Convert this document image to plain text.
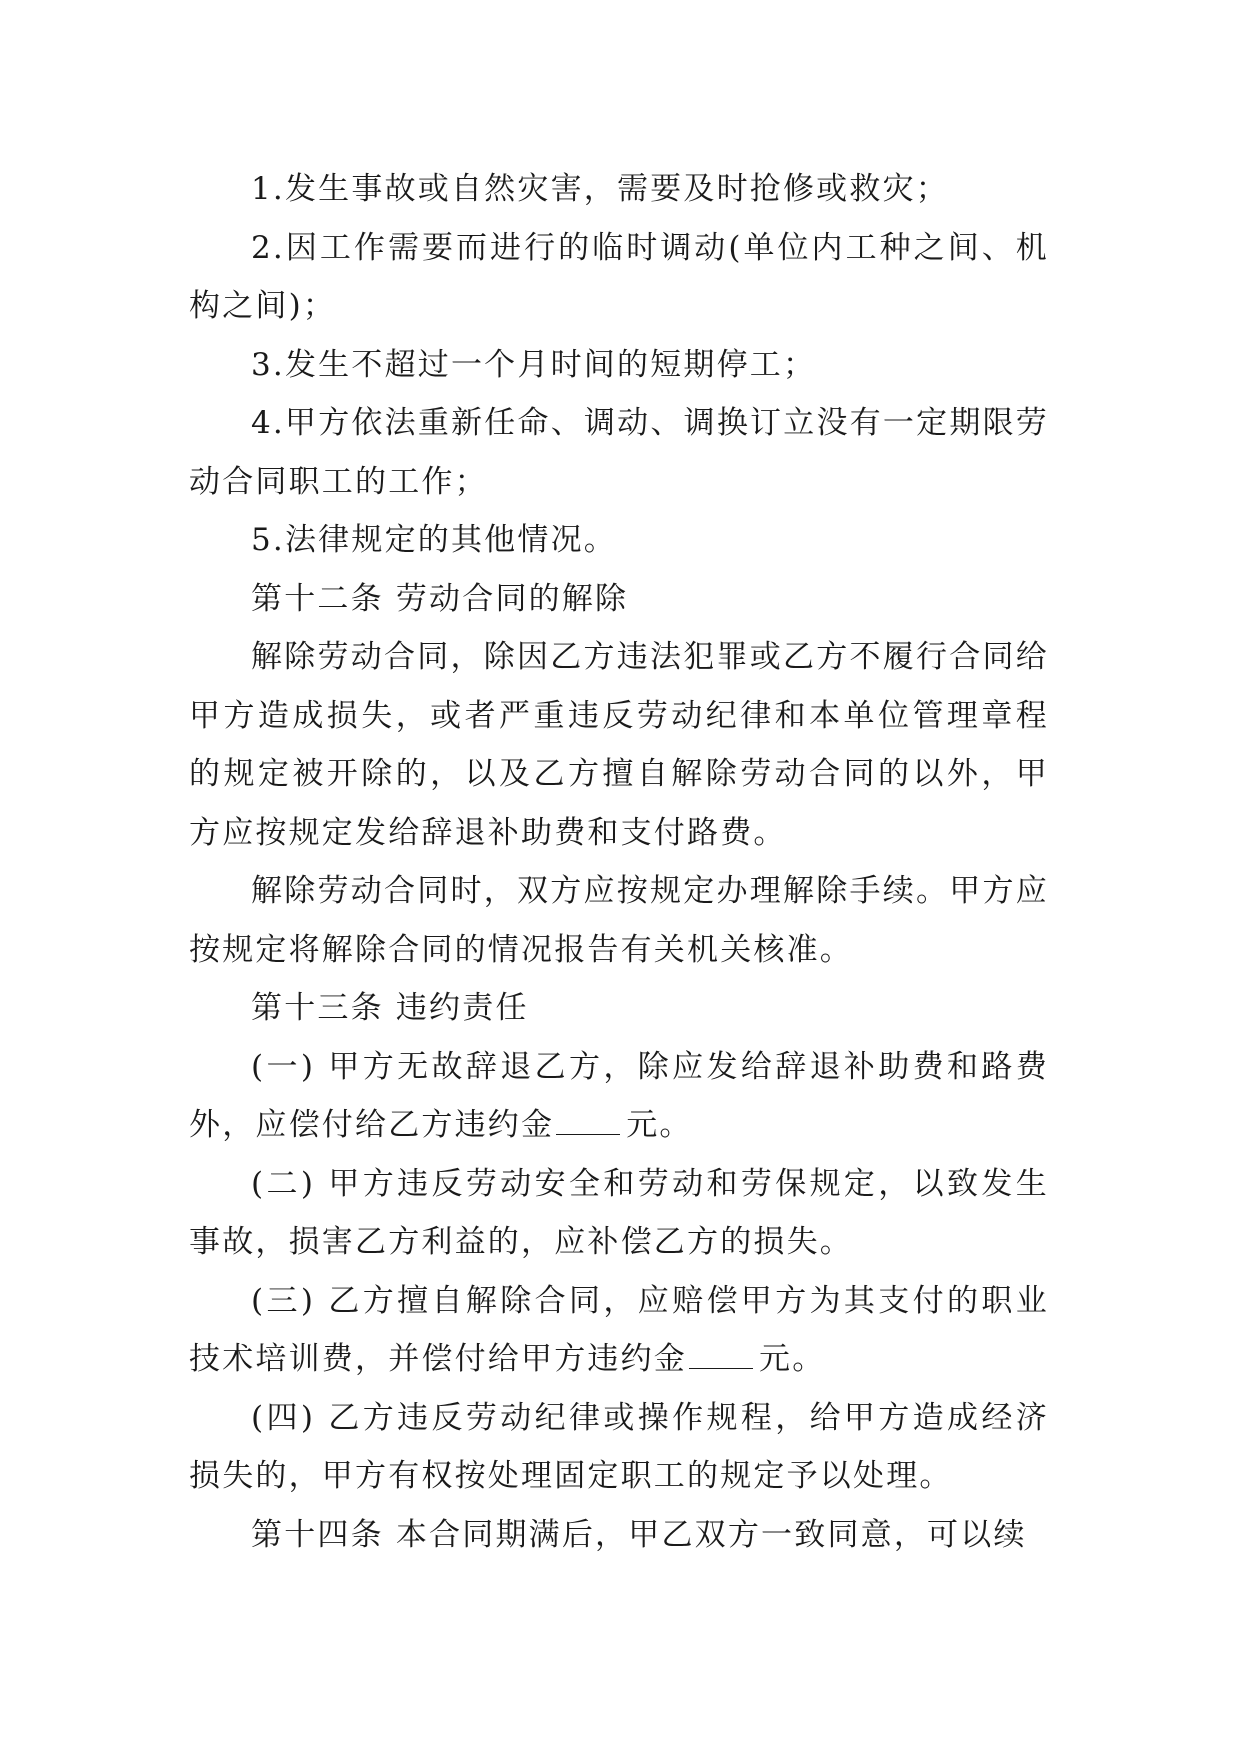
1.发生事故或自然灾害，需要及时抢修或救灾；

2.因工作需要而进行的临时调动(单位内工种之间、机构之间)；

3.发生不超过一个月时间的短期停工；

4.甲方依法重新任命、调动、调换订立没有一定期限劳动合同职工的工作；

5.法律规定的其他情况。

第十二条 劳动合同的解除

解除劳动合同，除因乙方违法犯罪或乙方不履行合同给甲方造成损失，或者严重违反劳动纪律和本单位管理章程的规定被开除的，以及乙方擅自解除劳动合同的以外，甲方应按规定发给辞退补助费和支付路费。

解除劳动合同时，双方应按规定办理解除手续。甲方应按规定将解除合同的情况报告有关机关核准。

第十三条 违约责任

(一) 甲方无故辞退乙方，除应发给辞退补助费和路费外，应偿付给乙方违约金 元。

(二) 甲方违反劳动安全和劳动和劳保规定，以致发生事故，损害乙方利益的，应补偿乙方的损失。

(三) 乙方擅自解除合同，应赔偿甲方为其支付的职业技术培训费，并偿付给甲方违约金 元。

(四) 乙方违反劳动纪律或操作规程，给甲方造成经济损失的，甲方有权按处理固定职工的规定予以处理。

第十四条 本合同期满后，甲乙双方一致同意，可以续
